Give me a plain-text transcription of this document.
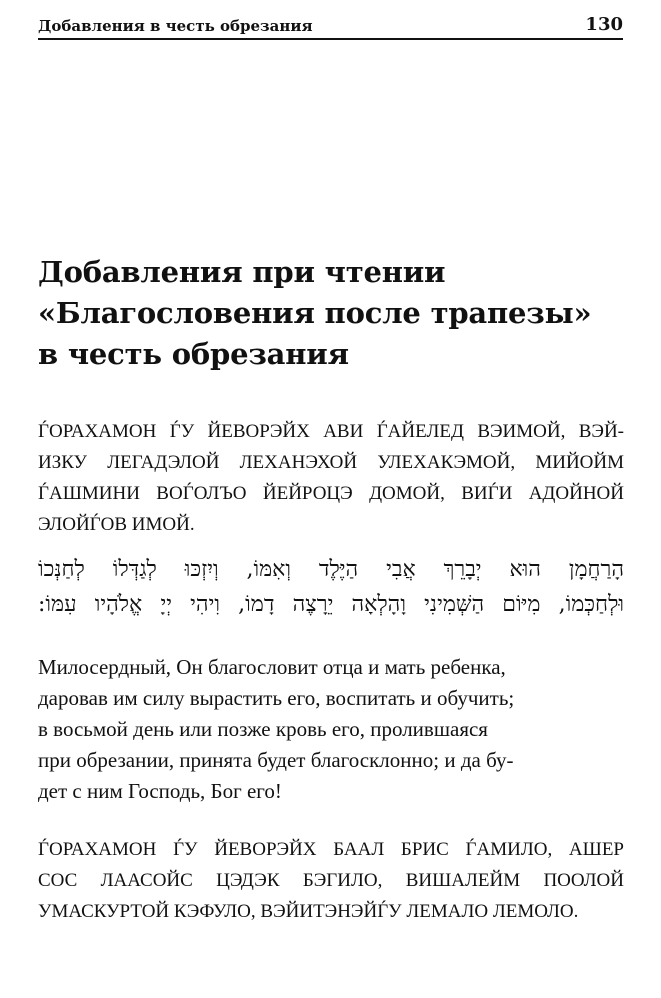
Добавления в честь обрезания	130
Добавления при чтении
«Благословения после трапезы»
в честь обрезания

ЃОРАХАМОН ЃУ ЙЕВОРЭЙХ АВИ ЃАЙЕЛЕД ВЭИМОЙ, ВЭЙ-
ИЗКУ ЛЕГАДЭЛОЙ ЛЕХАНЭХОЙ УЛЕХАКЭМОЙ, МИЙОЙМ
ЃАШМИНИ ВОЃОЛЪО ЙЕЙРОЦЭ ДОМОЙ, ВИЃИ АДОЙНОЙ
ЭЛОЙЃОВ ИМОЙ.

הָרַחֲמָן הוּא יְבָרֵךְ אֲבִי הַיֶּלֶד וְאִמּוֹ, וְיִזְכּוּ לְגַדְּלוֹ לְחַנְּכוֹ
וּלְחַכְּמוֹ, מִיּוֹם הַשְּׁמִינִי וָהָלְאָה יֵרָצֶה דָמוֹ, וִיהִי יְיָ אֱלֹהָיו עִמּוֹ:

Милосердный, Он благословит отца и мать ребенка,
даровав им силу вырастить его, воспитать и обучить;
в восьмой день или позже кровь его, пролившаяся
при обрезании, принята будет благосклонно; и да бу-
дет с ним Господь, Бог его!

ЃОРАХАМОН ЃУ ЙЕВОРЭЙХ БААЛ БРИС ЃАМИЛО, АШЕР
СОС ЛААСОЙС ЦЭДЭК БЭГИЛО, ВИШАЛЕЙМ ПООЛОЙ
УМАСКУРТОЙ КЭФУЛО, ВЭЙИТЭНЭЙЃУ ЛЕМАЛО ЛЕМОЛО.
